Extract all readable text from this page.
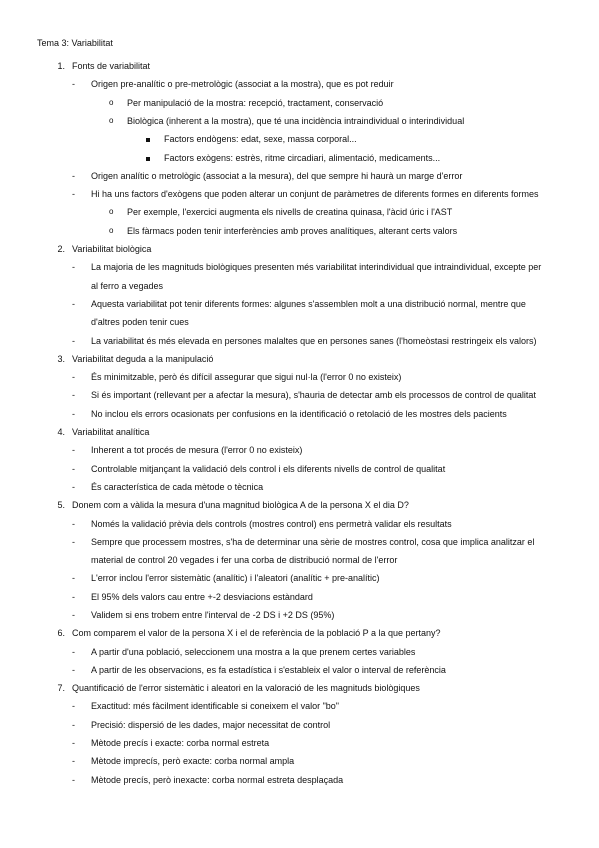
Tema 3: Variabilitat
1. Fonts de variabilitat
- Origen pre-analític o pre-metrològic (associat a la mostra), que es pot reduir
o Per manipulació de la mostra: recepció, tractament, conservació
o Biològica (inherent a la mostra), que té una incidència intraindividual o interindividual
Factors endògens: edat, sexe, massa corporal...
Factors exògens: estrès, ritme circadiari, alimentació, medicaments...
- Origen analític o metrològic (associat a la mesura), del que sempre hi haurà un marge d'error
- Hi ha uns factors d'exògens que poden alterar un conjunt de paràmetres de diferents formes en diferents formes
o Per exemple, l'exercici augmenta els nivells de creatina quinasa, l'àcid úric i l'AST
o Els fàrmacs poden tenir interferències amb proves analítiques, alterant certs valors
2. Variabilitat biològica
- La majoria de les magnituds biològiques presenten més variabilitat interindividual que intraindividual, excepte per
al ferro a vegades
- Aquesta variabilitat pot tenir diferents formes: algunes s'assemblen molt a una distribució normal, mentre que
d'altres poden tenir cues
- La variabilitat és més elevada en persones malaltes que en persones sanes (l'homeòstasi restringeix els valors)
3. Variabilitat deguda a la manipulació
- És minimitzable, però és difícil assegurar que sigui nul·la (l'error 0 no existeix)
- Si és important (rellevant per a afectar la mesura), s'hauria de detectar amb els processos de control de qualitat
- No inclou els errors ocasionats per confusions en la identificació o retolació de les mostres dels pacients
4. Variabilitat analítica
- Inherent a tot procés de mesura (l'error 0 no existeix)
- Controlable mitjançant la validació dels control i els diferents nivells de control de qualitat
- És característica de cada mètode o tècnica
5. Donem com a vàlida la mesura d'una magnitud biològica A de la persona X el dia D?
- Només la validació prèvia dels controls (mostres control) ens permetrà validar els resultats
- Sempre que processem mostres, s'ha de determinar una sèrie de mostres control, cosa que implica analitzar el
material de control 20 vegades i fer una corba de distribució normal de l'error
- L'error inclou l'error sistemàtic (analític) i l'aleatori (analític + pre-analític)
- El 95% dels valors cau entre +-2 desviacions estàndard
- Validem si ens trobem entre l'interval de -2 DS i +2 DS (95%)
6. Com comparem el valor de la persona X i el de referència de la població P a la que pertany?
- A partir d'una població, seleccionem una mostra a la que prenem certes variables
- A partir de les observacions, es fa estadística i s'estableix el valor o interval de referència
7. Quantificació de l'error sistemàtic i aleatori en la valoració de les magnituds biològiques
- Exactitud: més fàcilment identificable si coneixem el valor "bo"
- Precisió: dispersió de les dades, major necessitat de control
- Mètode precís i exacte: corba normal estreta
- Mètode imprecís, però exacte: corba normal ampla
- Mètode precís, però inexacte: corba normal estreta desplaçada
